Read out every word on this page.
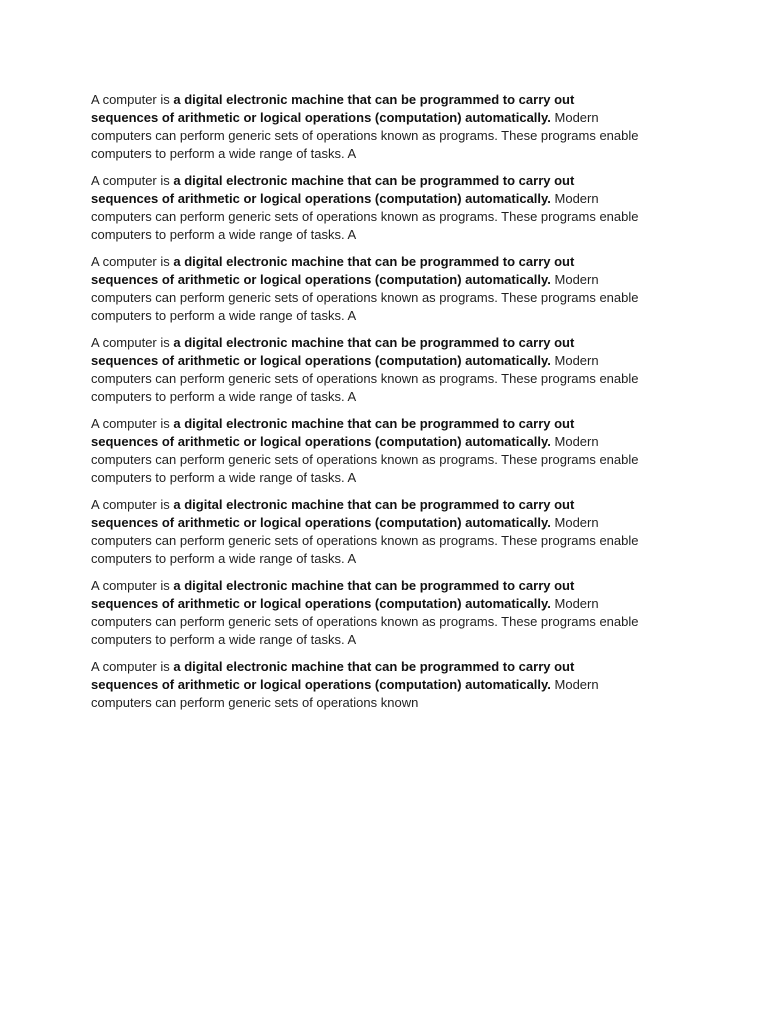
A computer is a digital electronic machine that can be programmed to carry out
sequences of arithmetic or logical operations (computation) automatically. Modern
computers can perform generic sets of operations known as programs. These programs enable
computers to perform a wide range of tasks. A

A computer is a digital electronic machine that can be programmed to carry out
sequences of arithmetic or logical operations (computation) automatically. Modern
computers can perform generic sets of operations known as programs. These programs enable
computers to perform a wide range of tasks. A

A computer is a digital electronic machine that can be programmed to carry out
sequences of arithmetic or logical operations (computation) automatically. Modern
computers can perform generic sets of operations known as programs. These programs enable
computers to perform a wide range of tasks. A

A computer is a digital electronic machine that can be programmed to carry out
sequences of arithmetic or logical operations (computation) automatically. Modern
computers can perform generic sets of operations known as programs. These programs enable
computers to perform a wide range of tasks. A

A computer is a digital electronic machine that can be programmed to carry out
sequences of arithmetic or logical operations (computation) automatically. Modern
computers can perform generic sets of operations known as programs. These programs enable
computers to perform a wide range of tasks. A

A computer is a digital electronic machine that can be programmed to carry out
sequences of arithmetic or logical operations (computation) automatically. Modern
computers can perform generic sets of operations known as programs. These programs enable
computers to perform a wide range of tasks. A

A computer is a digital electronic machine that can be programmed to carry out
sequences of arithmetic or logical operations (computation) automatically. Modern
computers can perform generic sets of operations known as programs. These programs enable
computers to perform a wide range of tasks. A

A computer is a digital electronic machine that can be programmed to carry out
sequences of arithmetic or logical operations (computation) automatically. Modern
computers can perform generic sets of operations known
